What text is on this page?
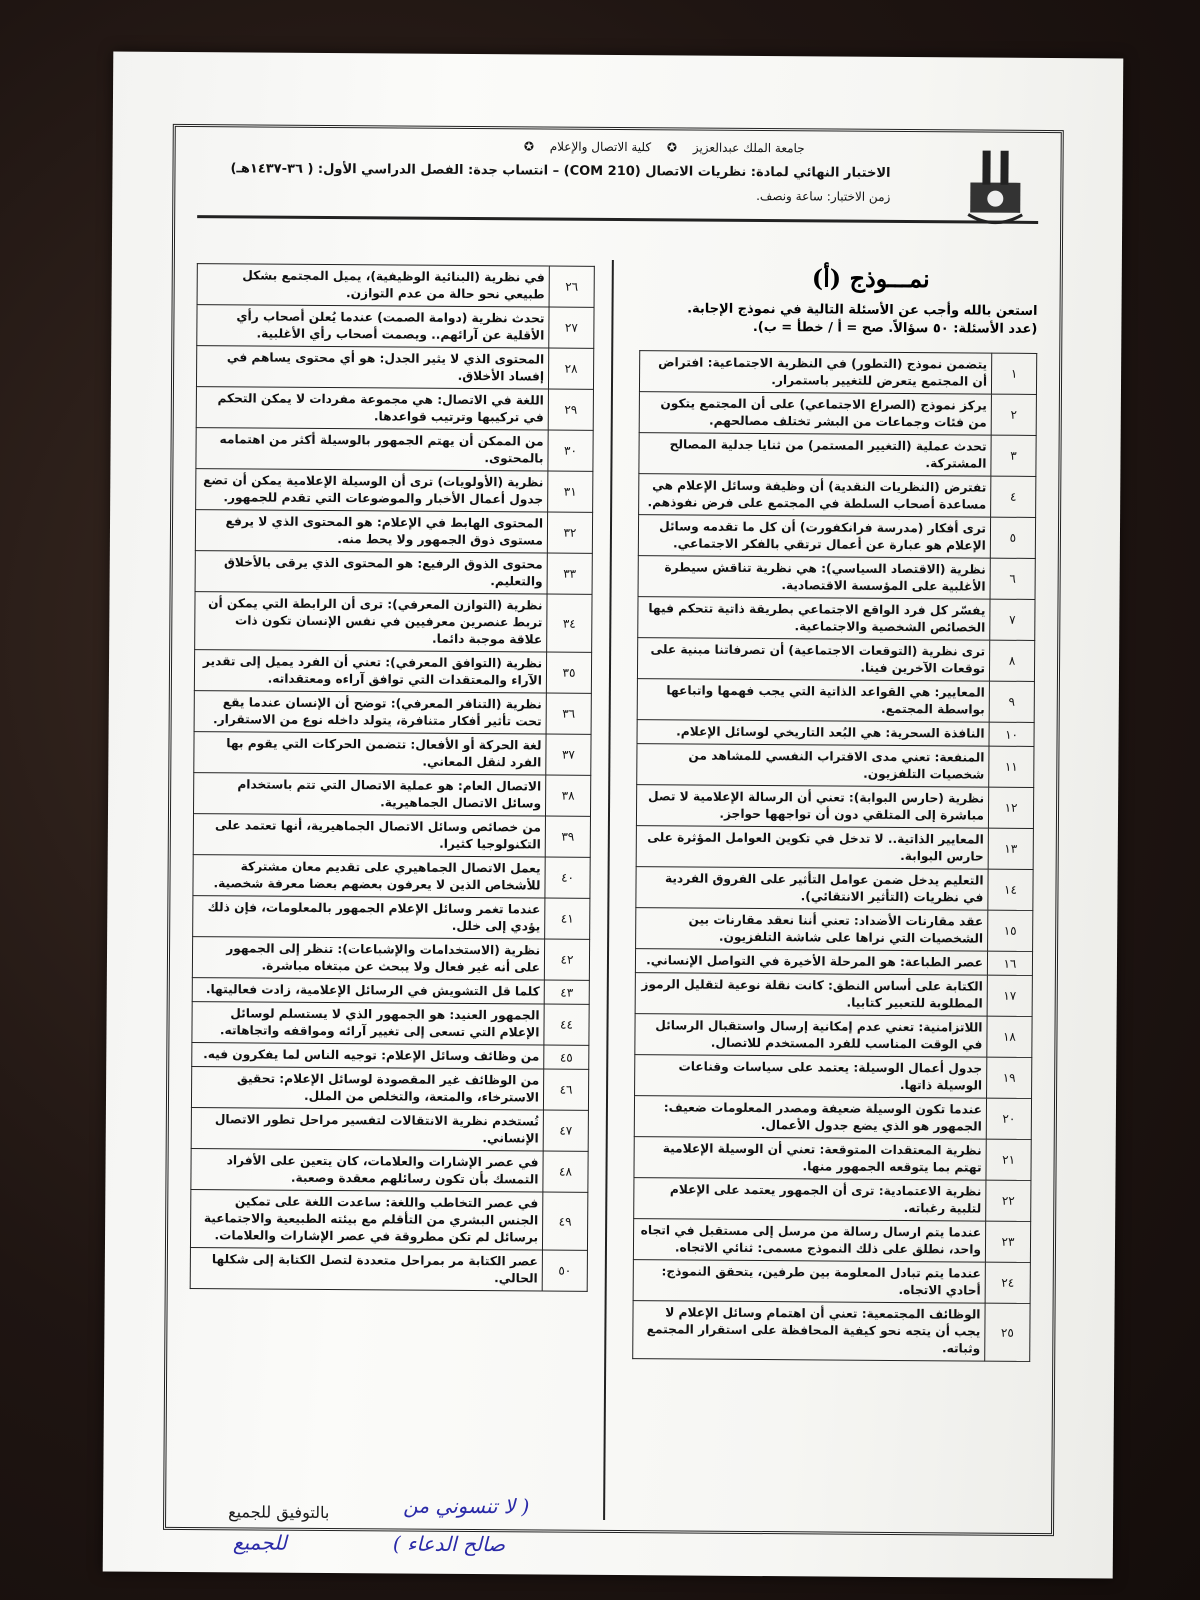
جامعة الملك عبدالعزيز ✪ كلية الاتصال والإعلام ✪
الاختبار النهائي لمادة: نظريات الاتصال (COM 210) – انتساب جدة: الفصل الدراسي الأول: ( ٣٦-١٤٣٧هـ)
زمن الاختبار: ساعة ونصف.
نمـــوذج (أ)
استعن بالله وأجب عن الأسئلة التالية في نموذج الإجابة.
(عدد الأسئلة: ٥٠ سؤالاً. صح = أ / خطأ = ب).
١	يتضمن نموذج (التطور) في النظرية الاجتماعية: افتراض أن المجتمع يتعرض للتغيير باستمرار.
٢	يركز نموذج (الصراع الاجتماعي) على أن المجتمع يتكون من فئات وجماعات من البشر تختلف مصالحهم.
٣	تحدث عملية (التغيير المستمر) من ثنايا جدلية المصالح المشتركة.
٤	تفترض (النظريات النقدية) أن وظيفة وسائل الإعلام هي مساعدة أصحاب السلطة في المجتمع على فرض نفوذهم.
٥	ترى أفكار (مدرسة فرانكفورت) أن كل ما تقدمه وسائل الإعلام هو عبارة عن أعمال ترتقي بالفكر الاجتماعي.
٦	نظرية (الاقتصاد السياسي): هي نظرية تناقش سيطرة الأغلبية على المؤسسة الاقتصادية.
٧	يفسّر كل فرد الواقع الاجتماعي بطريقة ذاتية تتحكم فيها الخصائص الشخصية والاجتماعية.
٨	ترى نظرية (التوقعات الاجتماعية) أن تصرفاتنا مبنية على توقعات الآخرين فينا.
٩	المعايير: هي القواعد الذاتية التي يجب فهمها واتباعها بواسطة المجتمع.
١٠	النافذة السحرية: هي البُعد التاريخي لوسائل الإعلام.
١١	المنفعة: تعني مدى الاقتراب النفسي للمشاهد من شخصيات التلفزيون.
١٢	نظرية (حارس البوابة): تعني أن الرسالة الإعلامية لا تصل مباشرة إلى المتلقي دون أن تواجهها حواجز.
١٣	المعايير الذاتية.. لا تدخل في تكوين العوامل المؤثرة على حارس البوابة.
١٤	التعليم يدخل ضمن عوامل التأثير على الفروق الفردية في نظريات (التأثير الانتقائي).
١٥	عقد مقارنات الأضداد: تعني أننا نعقد مقارنات بين الشخصيات التي نراها على شاشة التلفزيون.
١٦	عصر الطباعة: هو المرحلة الأخيرة في التواصل الإنساني.
١٧	الكتابة على أساس النطق: كانت نقلة نوعية لتقليل الرموز المطلوبة للتعبير كتابيا.
١٨	اللاتزامنية: تعني عدم إمكانية إرسال واستقبال الرسائل في الوقت المناسب للفرد المستخدم للاتصال.
١٩	جدول أعمال الوسيلة: يعتمد على سياسات وقناعات الوسيلة ذاتها.
٢٠	عندما تكون الوسيلة ضعيفة ومصدر المعلومات ضعيف: الجمهور هو الذي يضع جدول الأعمال.
٢١	نظرية المعتقدات المتوقعة: تعني أن الوسيلة الإعلامية تهتم بما يتوقعه الجمهور منها.
٢٢	نظرية الاعتمادية: ترى أن الجمهور يعتمد على الإعلام لتلبية رغباته.
٢٣	عندما يتم ارسال رسالة من مرسل إلى مستقبل في اتجاه واحد، نطلق على ذلك النموذج مسمى: ثنائي الاتجاه.
٢٤	عندما يتم تبادل المعلومة بين طرفين، يتحقق النموذج: أحادي الاتجاه.
٢٥	الوظائف المجتمعية: تعني أن اهتمام وسائل الإعلام لا يجب أن يتجه نحو كيفية المحافظة على استقرار المجتمع وثباته.
٢٦	في نظرية (البنائية الوظيفية)، يميل المجتمع بشكل طبيعي نحو حالة من عدم التوازن.
٢٧	تحدث نظرية (دوامة الصمت) عندما يُعلن أصحاب رأي الأقلية عن آرائهم.. ويصمت أصحاب رأي الأغلبية.
٢٨	المحتوى الذي لا يثير الجدل: هو أي محتوى يساهم في إفساد الأخلاق.
٢٩	اللغة في الاتصال: هي مجموعة مفردات لا يمكن التحكم في تركيبها وترتيب قواعدها.
٣٠	من الممكن أن يهتم الجمهور بالوسيلة أكثر من اهتمامه بالمحتوى.
٣١	نظرية (الأولويات) ترى أن الوسيلة الإعلامية يمكن أن تضع جدول أعمال الأخبار والموضوعات التي تقدم للجمهور.
٣٢	المحتوى الهابط في الإعلام: هو المحتوى الذي لا يرفع مستوى ذوق الجمهور ولا يحط منه.
٣٣	محتوى الذوق الرفيع: هو المحتوى الذي يرقى بالأخلاق والتعليم.
٣٤	نظرية (التوازن المعرفي): ترى أن الرابطة التي يمكن أن تربط عنصرين معرفيين في نفس الإنسان تكون ذات علاقة موجبة دائما.
٣٥	نظرية (التوافق المعرفي): تعني أن الفرد يميل إلى تقدير الآراء والمعتقدات التي توافق آراءه ومعتقداته.
٣٦	نظرية (التنافر المعرفي): توضح أن الإنسان عندما يقع تحت تأثير أفكار متنافرة، يتولد داخله نوع من الاستقرار.
٣٧	لغة الحركة أو الأفعال: تتضمن الحركات التي يقوم بها الفرد لنقل المعاني.
٣٨	الاتصال العام: هو عملية الاتصال التي تتم باستخدام وسائل الاتصال الجماهيرية.
٣٩	من خصائص وسائل الاتصال الجماهيرية، أنها تعتمد على التكنولوجيا كثيرا.
٤٠	يعمل الاتصال الجماهيري على تقديم معان مشتركة للأشخاص الذين لا يعرفون بعضهم بعضا معرفة شخصية.
٤١	عندما تغمر وسائل الإعلام الجمهور بالمعلومات، فإن ذلك يؤدي إلى خلل.
٤٢	نظرية (الاستخدامات والإشباعات): تنظر إلى الجمهور على أنه غير فعال ولا يبحث عن مبتغاه مباشرة.
٤٣	كلما قل التشويش في الرسائل الإعلامية، زادت فعاليتها.
٤٤	الجمهور العنيد: هو الجمهور الذي لا يستسلم لوسائل الإعلام التي تسعى إلى تغيير آرائه ومواقفه واتجاهاته.
٤٥	من وظائف وسائل الإعلام: توجيه الناس لما يفكرون فيه.
٤٦	من الوظائف غير المقصودة لوسائل الإعلام: تحقيق الاسترخاء، والمتعة، والتخلص من الملل.
٤٧	تُستخدم نظرية الانتقالات لتفسير مراحل تطور الاتصال الإنساني.
٤٨	في عصر الإشارات والعلامات، كان يتعين على الأفراد التمسك بأن تكون رسائلهم معقدة وصعبة.
٤٩	في عصر التخاطب واللغة: ساعدت اللغة على تمكين الجنس البشري من التأقلم مع بيئته الطبيعية والاجتماعية برسائل لم تكن مطروقة في عصر الإشارات والعلامات.
٥٠	عصر الكتابة مر بمراحل متعددة لتصل الكتابة إلى شكلها الحالي.
بالتوفيق للجميع	( لا تنسوني من
صالح الدعاء )
للجميع
